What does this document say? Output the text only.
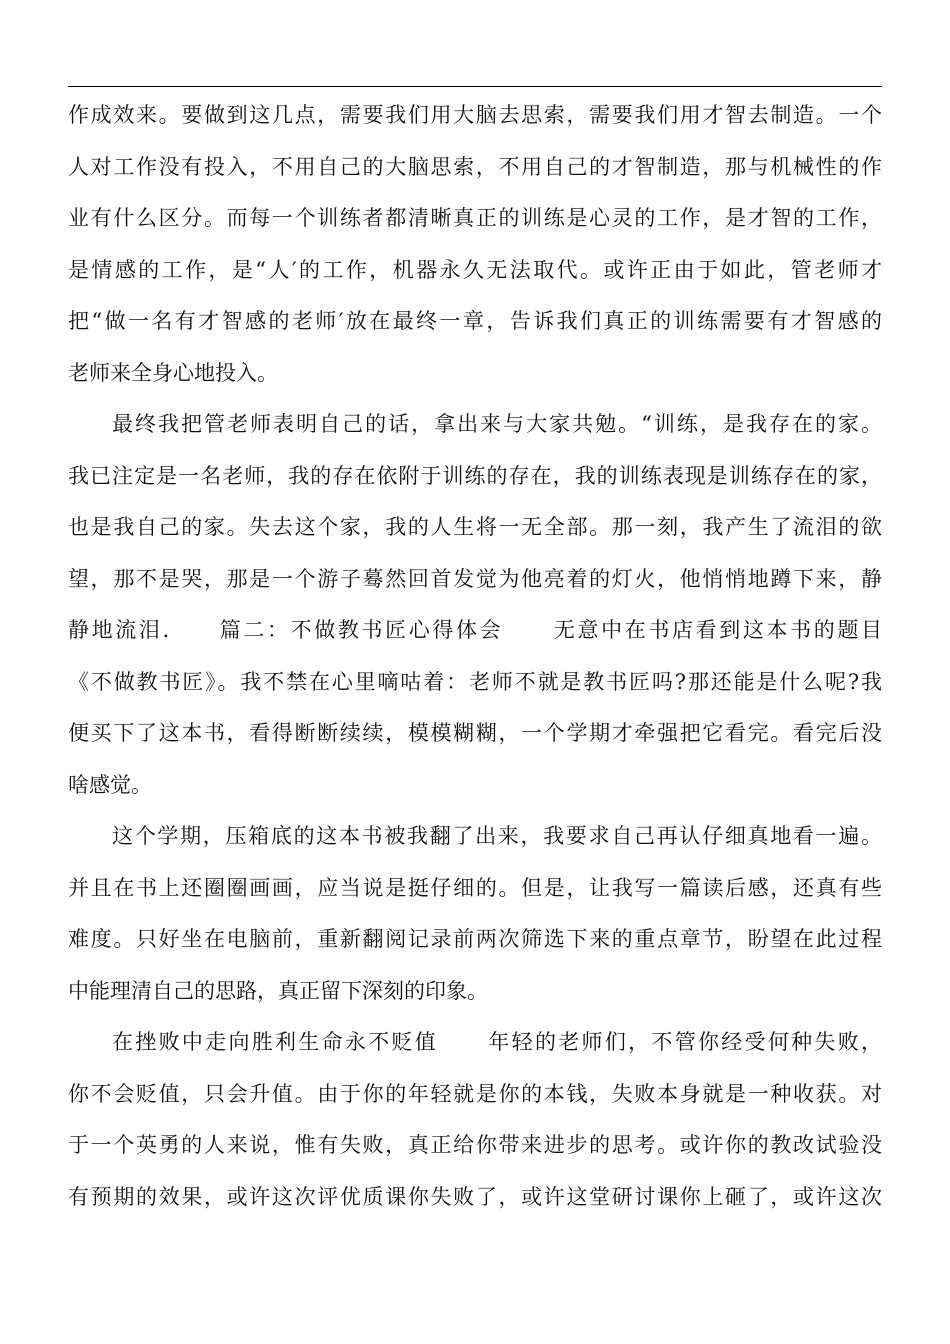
作成效来。要做到这几点，需要我们用大脑去思索，需要我们用才智去制造。一个
人对工作没有投入，不用自己的大脑思索，不用自己的才智制造，那与机械性的作
业有什么区分。而每一个训练者都清晰真正的训练是心灵的工作，是才智的工作，
是情感的工作，是“人′的工作，机器永久无法取代。或许正由于如此，管老师才
把“做一名有才智感的老师′放在最终一章，告诉我们真正的训练需要有才智感的
老师来全身心地投入。
最终我把管老师表明自己的话，拿出来与大家共勉。“训练，是我存在的家。
我已注定是一名老师，我的存在依附于训练的存在，我的训练表现是训练存在的家，
也是我自己的家。失去这个家，我的人生将一无全部。那一刻，我产生了流泪的欲
望，那不是哭，那是一个游子蓦然回首发觉为他亮着的灯火，他悄悄地蹲下来，静
静地流泪. 篇二：不做教书匠心得体会 无意中在书店看到这本书的题目
《不做教书匠》。我不禁在心里嘀咕着：老师不就是教书匠吗?那还能是什么呢?我
便买下了这本书，看得断断续续，模模糊糊，一个学期才牵强把它看完。看完后没
啥感觉。
这个学期，压箱底的这本书被我翻了出来，我要求自己再认仔细真地看一遍。
并且在书上还圈圈画画，应当说是挺仔细的。但是，让我写一篇读后感，还真有些
难度。只好坐在电脑前，重新翻阅记录前两次筛选下来的重点章节，盼望在此过程
中能理清自己的思路，真正留下深刻的印象。
在挫败中走向胜利生命永不贬值 年轻的老师们，不管你经受何种失败，
你不会贬值，只会升值。由于你的年轻就是你的本钱，失败本身就是一种收获。对
于一个英勇的人来说，惟有失败，真正给你带来进步的思考。或许你的教改试验没
有预期的效果，或许这次评优质课你失败了，或许这堂研讨课你上砸了，或许这次
